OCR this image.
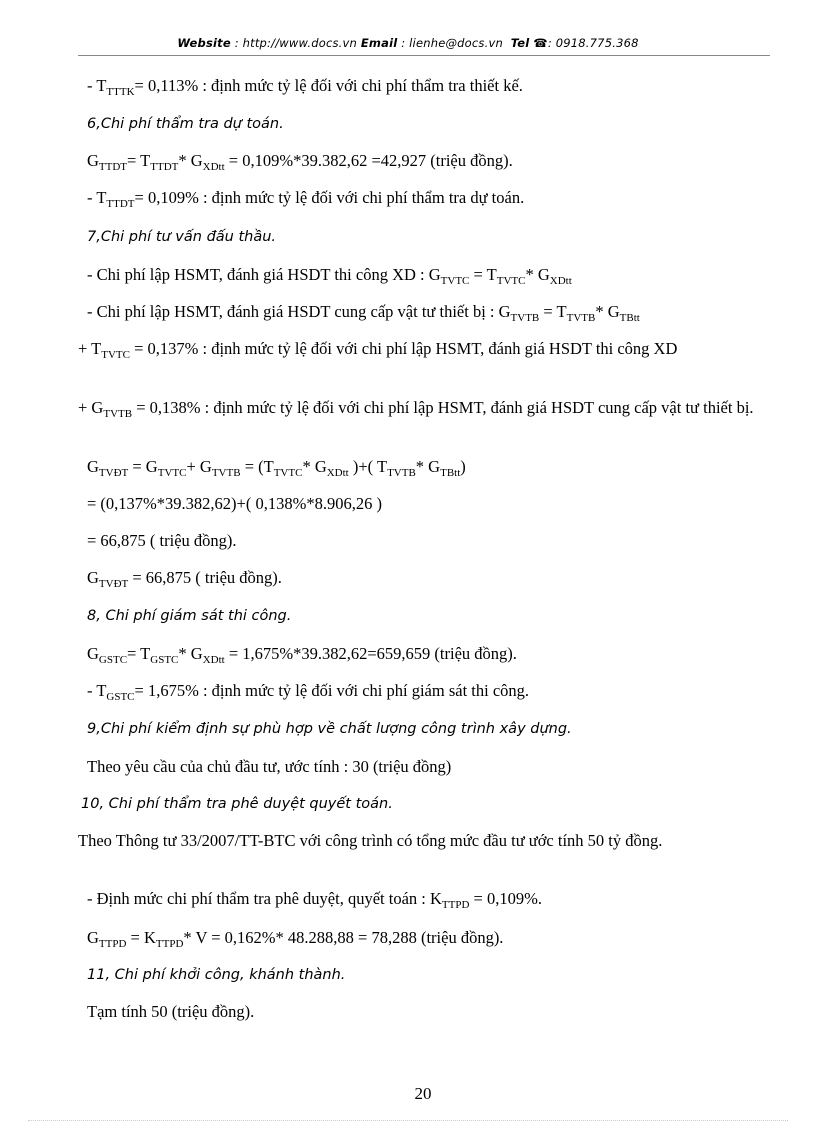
Website : http://www.docs.vn Email : lienhe@docs.vn Tel ☎: 0918.775.368
- $T_{TTTK}= 0,113\%$ : định mức tỷ lệ đối với chi phí thẩm tra thiết kế.
6,Chi phí thẩm tra dự toán.
$G_{TTDT}= T_{TTDT}*$ $G_{XDtt} = 0,109\%*39.382,62 =42,927$ (triệu đồng).
- $T_{TTDT}= 0,109\%$ : định mức tỷ lệ đối với chi phí thẩm tra dự toán.
7,Chi phí tư vấn đấu thầu.
- Chi phí lập HSMT, đánh giá HSDT thi công XD : $G_{TVTC} = T_{TVTC}*$ $G_{XDtt}$
- Chi phí lập HSMT, đánh giá HSDT cung cấp vật tư thiết bị : $G_{TVTB} = T_{TVTB}*$ $G_{TBtt}$
+ $T_{TVTC} = 0,137\%$ : định mức tỷ lệ đối với chi phí lập HSMT, đánh giá HSDT thi công XD
+ $G_{TVTB} = 0,138\%$ : định mức tỷ lệ đối với chi phí lập HSMT, đánh giá HSDT cung cấp vật tư thiết bị.
$G_{TVĐT} = G_{TVTC}+ G_{TVTB} = (T_{TVTC}*$ $G_{XDtt}$ )+( $T_{TVTB}*$ $G_{TBtt}$)
= (0,137%*39.382,62)+( 0,138%*8.906,26 )
= 66,875 ( triệu đồng).
$G_{TVĐT} = 66,875$ ( triệu đồng).
8, Chi phí giám sát thi công.
$G_{GSTC}= T_{GSTC}*$ $G_{XDtt} = 1,675\%*39.382,62=659,659$ (triệu đồng).
- $T_{GSTC}= 1,675\%$ : định mức tỷ lệ đối với chi phí giám sát thi công.
9,Chi phí kiểm định sự phù hợp về chất lượng công trình xây dựng.
Theo yêu cầu của chủ đầu tư, ước tính : 30 (triệu đồng)
10, Chi phí thẩm tra phê duyệt quyết toán.
Theo Thông tư 33/2007/TT-BTC với công trình có tổng mức đầu tư ước tính 50 tỷ đồng.
- Định mức chi phí thẩm tra phê duyệt, quyết toán : $K_{TTPD} = 0,109\%$.
$G_{TTPD} = K_{TTPD}*$ V = 0,162%* 48.288,88 = 78,288 (triệu đồng).
11, Chi phí khởi công, khánh thành.
Tạm tính 50 (triệu đồng).
20
